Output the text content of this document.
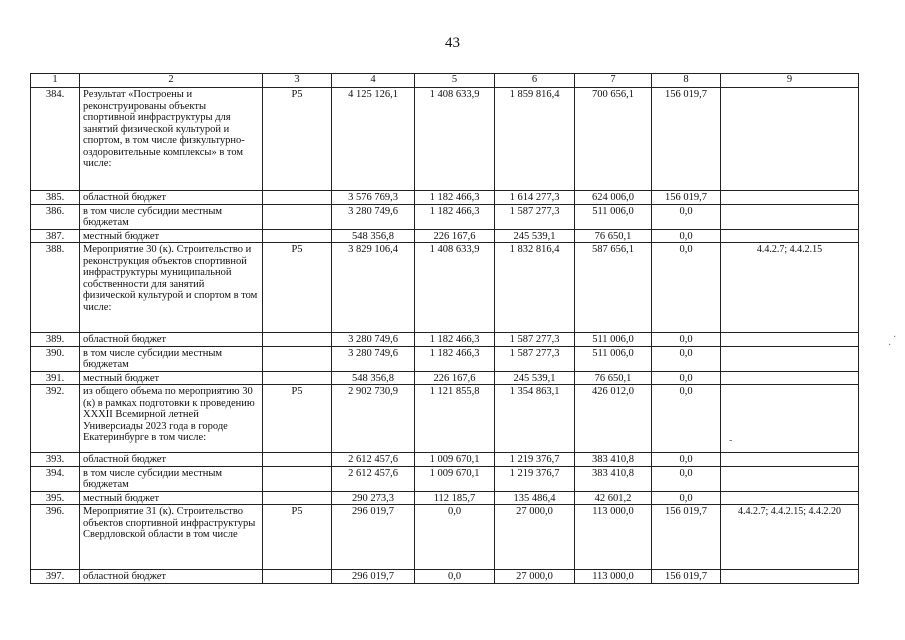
43
1	2	3	4	5	6	7	8	9
384.	Результат «Построены и реконструированы объекты спортивной инфраструктуры для занятий физической культурой и спортом, в том числе физкультурно-оздоровительные комплексы» в том числе:	Р5	4 125 126,1	1 408 633,9	1 859 816,4	700 656,1	156 019,7	
385.	областной бюджет		3 576 769,3	1 182 466,3	1 614 277,3	624 006,0	156 019,7	
386.	в том числе субсидии местным бюджетам		3 280 749,6	1 182 466,3	1 587 277,3	511 006,0	0,0	
387.	местный бюджет		548 356,8	226 167,6	245 539,1	76 650,1	0,0	
388.	Мероприятие 30 (к). Строительство и реконструкция объектов спортивной инфраструктуры муниципальной собственности для занятий физической культурой и спортом в том числе:	Р5	3 829 106,4	1 408 633,9	1 832 816,4	587 656,1	0,0	4.4.2.7; 4.4.2.15
389.	областной бюджет		3 280 749,6	1 182 466,3	1 587 277,3	511 006,0	0,0	
390.	в том числе субсидии местным бюджетам		3 280 749,6	1 182 466,3	1 587 277,3	511 006,0	0,0	
391.	местный бюджет		548 356,8	226 167,6	245 539,1	76 650,1	0,0	
392.	из общего объема по мероприятию 30 (к) в рамках подготовки к проведению XXXII Всемирной летней Универсиады 2023 года в городе Екатеринбурге в том числе:	Р5	2 902 730,9	1 121 855,8	1 354 863,1	426 012,0	0,0	
393.	областной бюджет		2 612 457,6	1 009 670,1	1 219 376,7	383 410,8	0,0	
394.	в том числе субсидии местным бюджетам		2 612 457,6	1 009 670,1	1 219 376,7	383 410,8	0,0	
395.	местный бюджет		290 273,3	112 185,7	135 486,4	42 601,2	0,0	
396.	Мероприятие 31 (к). Строительство объектов спортивной инфраструктуры Свердловской области в том числе	Р5	296 019,7	0,0	27 000,0	113 000,0	156 019,7	4.4.2.7; 4.4.2.15; 4.4.2.20
397.	областной бюджет		296 019,7	0,0	27 000,0	113 000,0	156 019,7	
·
·
-
